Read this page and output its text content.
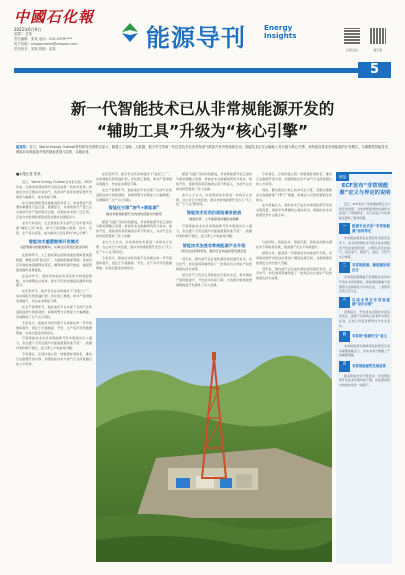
中國石化報
2022年6月9日
星期二 总第
责任编辑：张某 电话：010-5976****
电子信箱：sinopecnews@sinopec.com
责任校对：刘某 排版：某某	能源导刊	Energy
Insights
扫码关注	数字报
5
新一代智能技术已从非常规能源开发的
“辅助工具”升级为“核心引擎”
编者按：近日，World Energy Outlook等机构发布的报告显示，随着人工智能、大数据、数字孪生等新一代信息技术在非常规油气勘探开发中的深度应用，智能技术正在从辅助工具升级为核心引擎，深刻改变着非常规能源的开发模式。本期聚焦智能技术赋能非常规能源开发的最新进展与趋势，以飨读者。
■本报记者 张某

近日，World Energy Outlook发布报告称，2025年前，全球非常规能源开发将迎来新一轮技术变革。智能化技术正推动页岩油气、致密油气等非常规资源开发效率大幅提升，成本持续下降。

在全球能源转型加速推进的背景下，非常规油气资源的重要性日益凸显。数据显示，非常规油气产量已占全球油气总产量的相当比重，而智能技术的广泛应用，正成为非常规能源高质量发展的关键驱动力。

业内专家指出，过去智能技术在油气行业中更多扮演“辅助工具”角色，如今已深度融入勘探、钻井、压裂、生产等全流程，成为推动行业变革的“核心引擎”。

智能技术重塑勘探开发模式
从经验驱动到数据驱动，从单点应用到全链条协同

在勘探环节，人工智能算法能够快速处理海量地震数据，精准识别“甜点区”，大幅缩短勘探周期。某油田应用智能地震解释系统后，解释效率提升数倍，储层预测准确率显著提高。

在钻井环节，智能导向钻井系统实时分析地层参数，自动调整钻头轨迹，使水平段优质储层钻遇率持续提升。

在压裂环节，数字孪生技术构建井下“虚拟工厂”，实时模拟压裂裂缝扩展，优化施工参数，单井产量得到有效提升，作业成本明显下降。

在生产管理环节，智能油田平台实现了对油气井的远程监控与智能调控，故障预警与诊断能力大幅增强，有效降低了生产运行风险。

专家表示，智能技术的价值不仅体现在单一环节的效率提升，更在于打通勘探、开发、生产各环节的数据壁垒，实现全链条协同优化。

尽管智能技术在非常规能源开发中展现出巨大潜力，但在推广应用过程中仍面临数据标准不统一、数据共享机制不健全、复合型人才短缺等问题。

专家建议，应加快建立统一的数据标准体系，推动行业数据开放共享，加强智能技术与油气专业深度融合的人才培养。

在压裂环节，数字孪生技术构建井下“虚拟工厂”，实时模拟压裂裂缝扩展，优化施工参数，单井产量得到有效提升，作业成本明显下降。

在生产管理环节，智能油田平台实现了对油气井的远程监控与智能调控，故障预警与诊断能力大幅增强，有效降低了生产运行风险。

智能化引领“油气+新能源”
推动非常规能源开发向绿色低碳方向转型

随着“双碳”目标持续推进，非常规能源开发正加快与新能源融合发展。智能技术在碳捕集利用与封存、地热开发、氢能利用等领域的应用不断深入，为油气企业绿色转型提供了有力支撑。

业内人士认为，未来智能技术将进一步向自主决策、自主执行方向发展，推动非常规能源开发迈入“无人化”“少人化”新阶段。

专家表示，智能技术的价值不仅体现在单一环节的效率提升，更在于打通勘探、开发、生产各环节的数据壁垒，实现全链条协同优化。

随着“双碳”目标持续推进，非常规能源开发正加快与新能源融合发展。智能技术在碳捕集利用与封存、地热开发、氢能利用等领域的应用不断深入，为油气企业绿色转型提供了有力支撑。

业内人士认为，未来智能技术将进一步向自主决策、自主执行方向发展，推动非常规能源开发迈入“无人化”“少人化”新阶段。

智能技术应用仍面临诸多挑战
数据共享、人才储备等问题亟待破解

尽管智能技术在非常规能源开发中展现出巨大潜力，但在推广应用过程中仍面临数据标准不统一、数据共享机制不健全、复合型人才短缺等问题。

专家建议，应加快建立统一的数据标准体系，推动行业数据开放共享，加强智能技术与油气专业深度融合的人才培养。

同时，要持续加大核心技术攻关力度，突破关键算法与高端装备“卡脖子”难题，构建自主可控的智能技术体系。

业内普遍认为，智能技术已成为非常规能源开发的关键变量，谁能率先掌握核心智能技术，谁就能在未来能源竞争中占据主动。

智能技术加速非常规能源产业升级
国内企业积极布局，推动行业向高质量发展迈进

近年来，国内油气企业加快智能油田建设步伐，在页岩气、致密油等领域形成了一批具有自主知识产权的智能化技术成果。

某页岩气示范区应用智能化压裂技术后，单井测试产量明显提升，开发成本持续下降，为我国非常规能源规模效益开发提供了有力支撑。

与此同时，智能钻井、智能压裂、智能采油等关键技术不断取得突破，装备国产化水平持续提升。

展望未来，随着新一代智能技术持续迭代升级，非常规能源开发将迎来更加广阔的发展空间，为保障国家能源安全作出更大贡献。

近年来，国内油气企业加快智能油田建设步伐，在页岩气、致密油等领域形成了一批具有自主知识产权的智能化技术成果。

链接
ECF发布“非常规能源”定义与界定的说明

近日，ECF发布了非常规能源定义与界定的说明，对非常规能源的内涵和外延进行了明确界定，为行业统计与政策制定提供了参考依据。

一	能源专业术语“非常规能源”如何界定

非常规能源是指在现有技术经济条件下，需采用特殊技术手段才能实现经济开发的能源资源，主要包括页岩油气、致密油气、煤层气、油砂、天然气水合物等。

二	非常规能源、新能源如何区分

非常规能源侧重于资源赋存条件和开发技术的特殊性，新能源则侧重于能源形式的新颖性与可再生性，二者既有区别又有交叉。

三	以成本界定非常规能源“是否合理”

说明指出，开发成本会随技术进步而变化，因此不宜单纯以成本作为界定标准，应综合考虑资源特性与技术条件。

四
非常规“能源安全”意义

非常规能源对保障国家能源安全具有重要战略意义，是未来油气增储上产的重要领域。

五
非常规能源的发展前景

随着智能技术不断进步，非常规能源开发成本有望持续下降，在能源结构中的地位将进一步提升。
